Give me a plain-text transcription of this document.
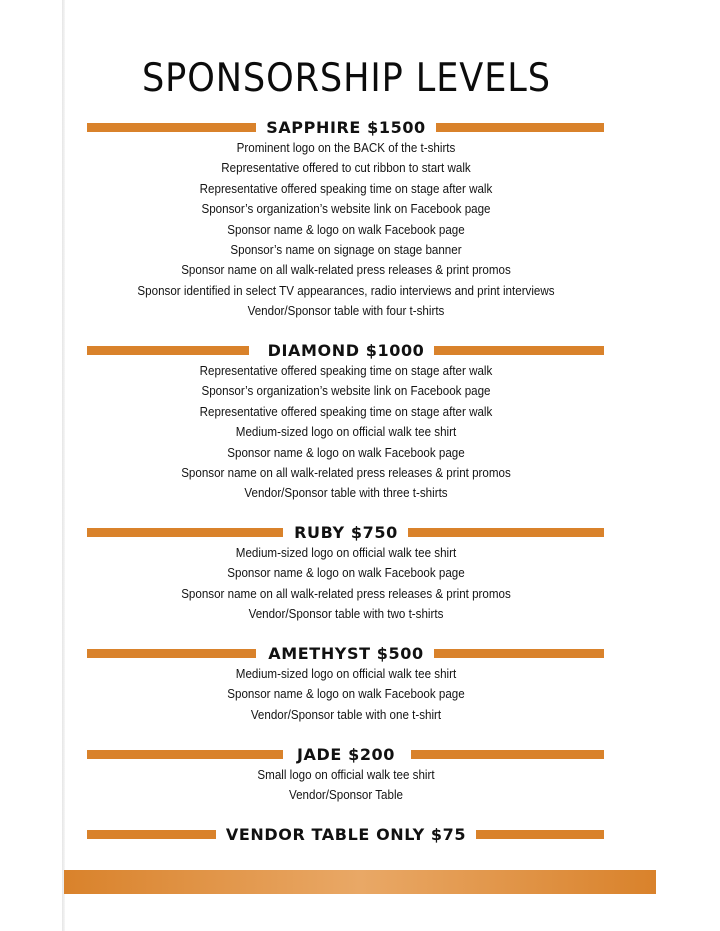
SPONSORSHIP LEVELS
SAPPHIRE $1500
Prominent logo on the BACK of the t-shirts
Representative offered to cut ribbon to start walk
Representative offered speaking time on stage after walk
Sponsor’s organization’s website link on Facebook page
Sponsor name & logo on walk Facebook page
Sponsor’s name on signage on stage banner
Sponsor name on all walk-related press releases & print promos
Sponsor identified in select TV appearances, radio interviews and print interviews
Vendor/Sponsor table with four t-shirts
DIAMOND $1000
Representative offered speaking time on stage after walk
Sponsor’s organization’s website link on Facebook page
Representative offered speaking time on stage after walk
Medium-sized logo on official walk tee shirt
Sponsor name & logo on walk Facebook page
Sponsor name on all walk-related press releases & print promos
Vendor/Sponsor table with three t-shirts
RUBY $750
Medium-sized logo on official walk tee shirt
Sponsor name & logo on walk Facebook page
Sponsor name on all walk-related press releases & print promos
Vendor/Sponsor table with two t-shirts
AMETHYST $500
Medium-sized logo on official walk tee shirt
Sponsor name & logo on walk Facebook page
Vendor/Sponsor table with one t-shirt
JADE $200
Small logo on official walk tee shirt
Vendor/Sponsor Table
VENDOR TABLE ONLY $75
